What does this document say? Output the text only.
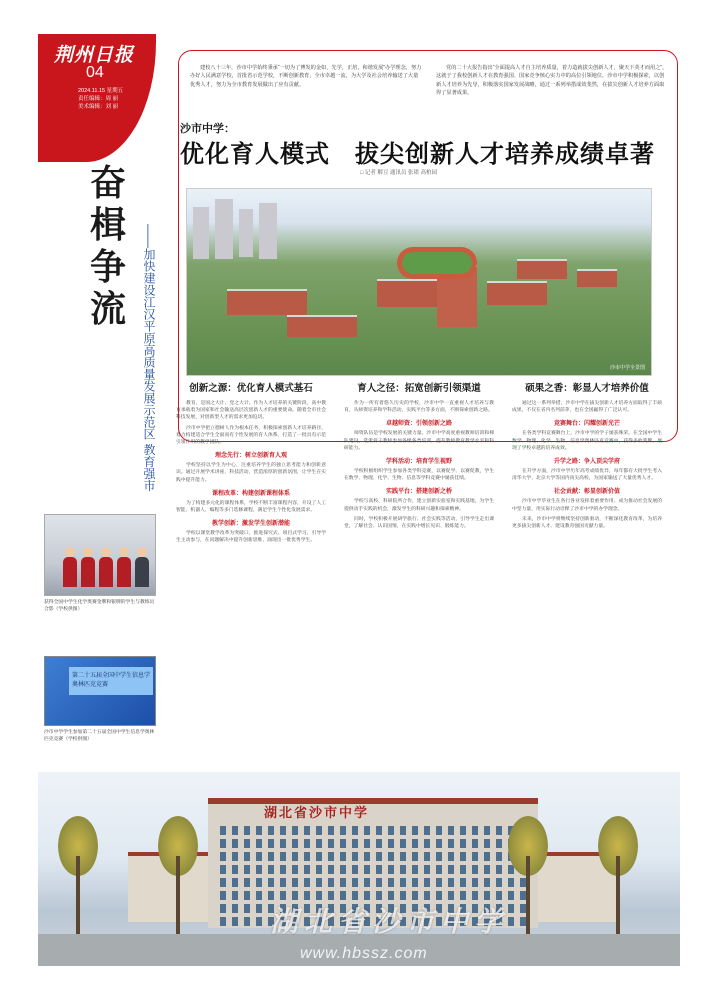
荆州日报
04
2024.11.15 星期五
责任编辑：周 丽
美术编辑：刘 丽
奋楫争流	——加快建设江汉平原高质量发展示范区 教育强市
获得全国中学生化学奥赛金牌和银牌的学生与教练员合影（学校供图）
第二十五届全国中学生信息学奥林匹克竞赛
沙市中学学生参加第二十五届全国中学生信息学奥林匹克竞赛（学校供图）

建校八十三年，沙市中学始终秉承“一切为了博发的金如，先学，正培，和谐发展”办学理念，努力办好人民满意学校，首批省示范学校，不断创新教育，全市卓越一流，为大学及社会培养输送了大量优秀人才，努力为全市教育发展做出了应有贡献。

党的二十大报告指出“全面提高人才自主培养质量，着力造就拔尖创新人才，聚天下英才而用之”，这就于了我校创新人才在教育强国、国家竞争核心实力中的高位引领地位。沙市中学积极探索，以创新人才培养为先导，积极落实国家发展战略，通过一系列举措成效斐然，在拔尖创新人才培养方面取得了显著成果。

沙市中学：
优化育人模式　拔尖创新人才培养成绩卓著
□ 记者 解豆 通讯员 张珺 高柏园
沙市中学全景图
创新之源：优化育人模式基石

教育，是国之大计、党之大计。作为人才培养的关键阶段，高中教育承载着为国家和社会输送高层次创新人才的重要使命。随着全市社会科技发展，对创新型人才的需求更加迫切。

沙市中学把立德树人作为根本任务，积极探索创新人才培养路径，着力构建适合学生全面而有个性发展的育人体系，打造了一批具有示范引领作用的教学团队。

理念先行：树立创新育人观

学校坚持以学生为中心，注重培养学生的独立思考能力和创新意识。通过开展学术讲座、科技活动，营造浓厚的创新氛围，让学生在实践中提升能力。

课程改革：构建创新课程体系

为了构建多元化的课程体系，学校不断丰富课程内容，开设了人工智能、机器人、编程等多门选修课程，满足学生个性化发展需求。

教学创新：激发学生创新潜能

学校以课堂教学改革为突破口，推进探究式、项目式学习，引导学生主动参与，在问题解决中提升创新思维，涌现出一批优秀学生。

育人之径：拓宽创新引领渠道

作为一所有着悠久历史的学校，沙市中学一直重视人才培养与教育，从师资培养和学科活动，实践平台等多方面，不断探索创新之路。

卓越师资：引领创新之路

师资队伍是学校发展的关键力量。沙市中学高度重视教师培训和梯队建设，选派骨干教师参加各级各类培训，提升教师教育教学水平和科研能力。

学科活动：培育学生视野

学校积极组织学生参加各类学科竞赛，以赛促学、以赛促教，学生在数学、物理、化学、生物、信息等学科竞赛中屡获佳绩。

实践平台：搭建创新之桥

学校与高校、科研院所合作，建立创新实验室和实践基地，为学生提供动手实践的机会，激发学生的科研兴趣和探索精神。

同时，学校积极开展研学旅行、社会实践等活动，引导学生走出课堂，了解社会、认识国情，在实践中增长见识、锻炼能力。

硕果之香：彰显人才培养价值

通过这一系列举措，沙市中学在拔尖创新人才培养方面取得了丰硕成果，不仅在省内名列前茅，也在全国赢得了广泛认可。

竞赛舞台：闪耀创新光芒

在各类学科竞赛舞台上，沙市中学的学子屡获殊荣。在全国中学生数学、物理、化学、生物、信息学奥林匹克竞赛中，获得多枚奖牌，展现了学校卓越的培养成效。

升学之路：争入顶尖学府

在升学方面，沙市中学历年高考成绩优异，每年都有大批学生考入清华大学、北京大学等国内顶尖高校，为国家输送了大量优秀人才。

社会贡献：彰显创新价值

沙市中学毕业生在各行各业发挥着重要作用，成为推动社会发展的中坚力量，用实际行动诠释了沙市中学的办学理念。

未来，沙市中学将继续坚持创新驱动，不断深化教育改革，为培养更多拔尖创新人才、建设教育强国贡献力量。

湖北省沙市中学
湖北省沙市中学
www.hbssz.com
